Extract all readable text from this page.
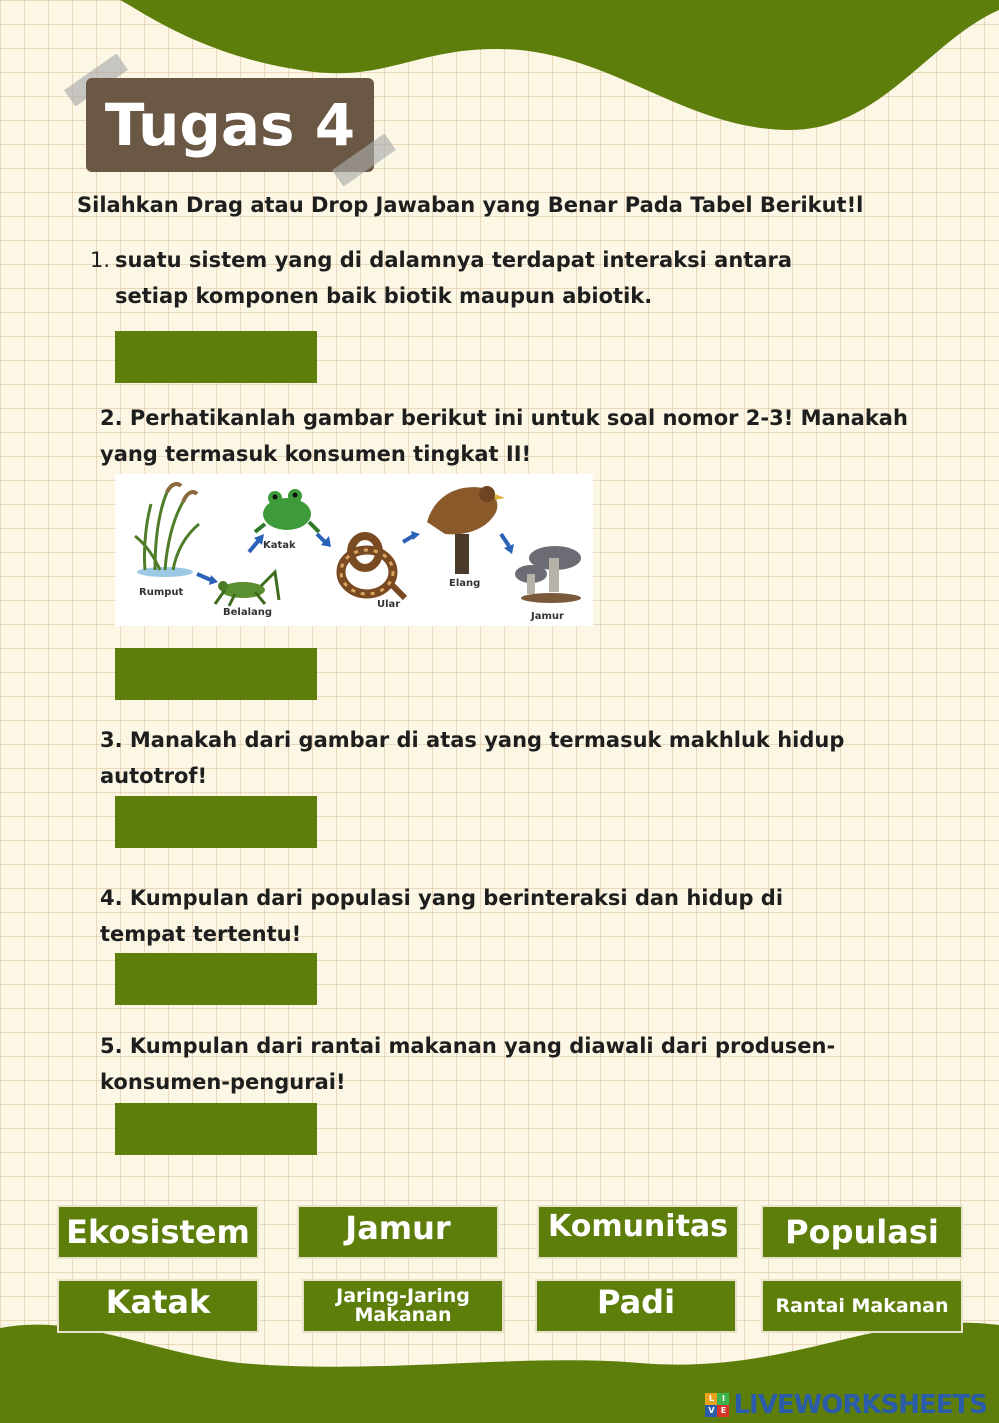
Tugas 4
Silahkan Drag atau Drop Jawaban yang Benar Pada Tabel Berikut!l
1. suatu sistem yang di dalamnya terdapat interaksi antara setiap komponen baik biotik maupun abiotik.
2. Perhatikanlah gambar berikut ini untuk soal nomor 2-3! Manakah yang termasuk konsumen tingkat II!
Rumput
Belalang
Katak
Ular
Elang
Jamur
3. Manakah dari gambar di atas yang termasuk makhluk hidup autotrof!
4. Kumpulan dari populasi yang berinteraksi dan hidup di tempat tertentu!
5. Kumpulan dari rantai makanan yang diawali dari produsen-konsumen-pengurai!
Ekosistem	Jamur	Komunitas	Populasi
Katak	Jaring-Jaring
Makanan	Padi	Rantai Makanan
L I
V E LIVEWORKSHEETS
